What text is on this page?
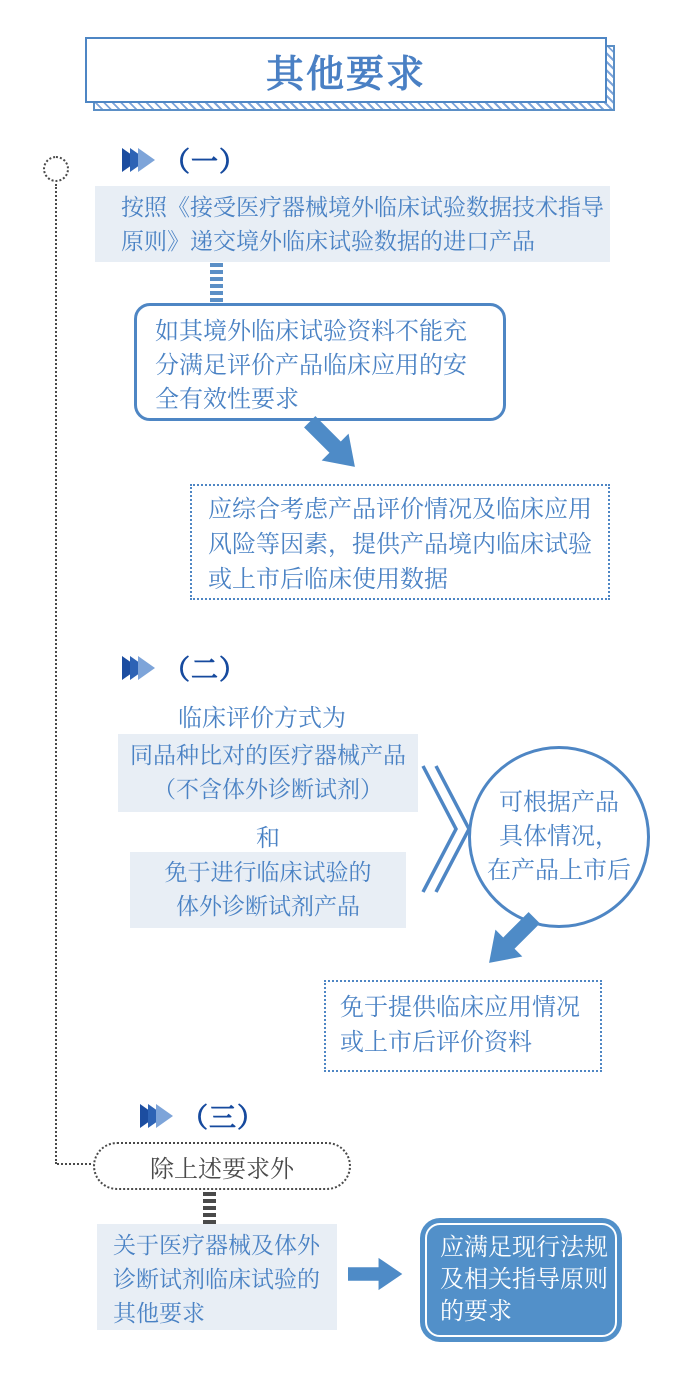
其他要求
（一）
按照《接受医疗器械境外临床试验数据技术指导
原则》递交境外临床试验数据的进口产品
如其境外临床试验资料不能充
分满足评价产品临床应用的安
全有效性要求
应综合考虑产品评价情况及临床应用
风险等因素，提供产品境内临床试验
或上市后临床使用数据
（二）
临床评价方式为
同品种比对的医疗器械产品
（不含体外诊断试剂）
和
免于进行临床试验的
体外诊断试剂产品
可根据产品
具体情况，
在产品上市后
免于提供临床应用情况
或上市后评价资料
（三）
除上述要求外
关于医疗器械及体外
诊断试剂临床试验的
其他要求
应满足现行法规
及相关指导原则
的要求
